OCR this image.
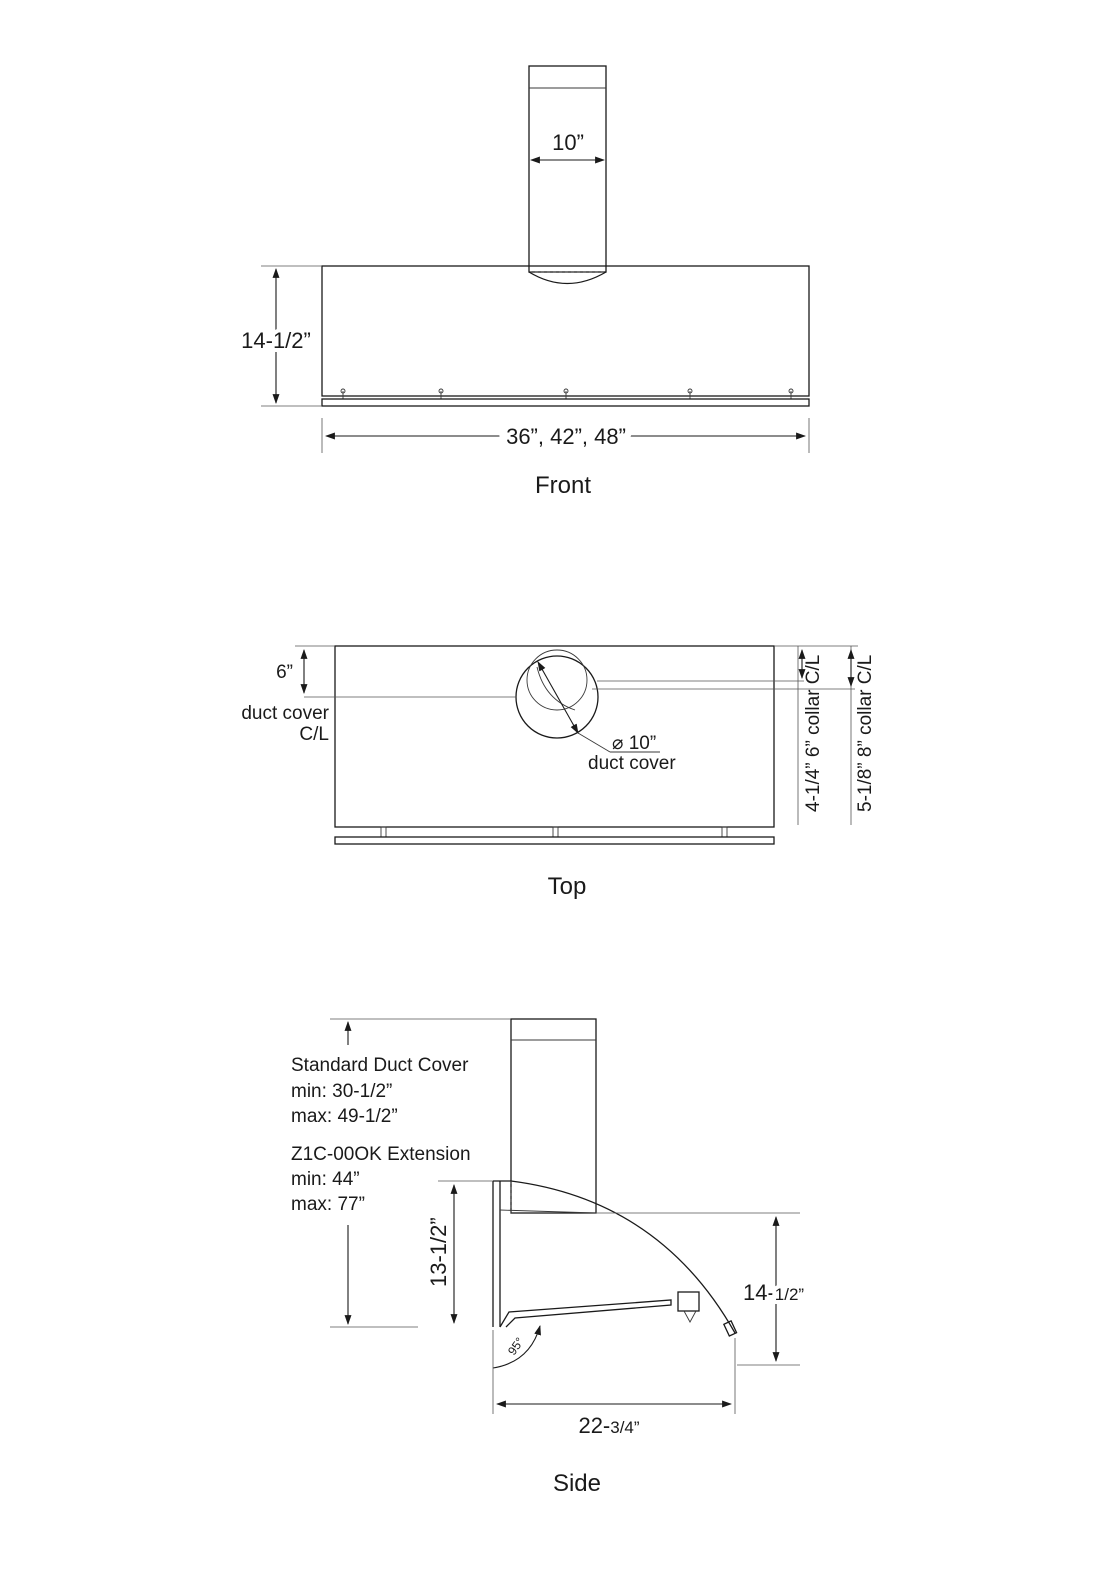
10”
14-1/2”
36”, 42”, 48”
Front
⌀ 10”
duct cover
6”
duct cover
C/L	4-1/4” 6” collar C/L 5-1/8” 8” collar C/L
Top
Standard Duct Cover
min: 30-1/2”
max: 49-1/2”
Z1C-00OK Extension
min: 44”
max: 77”
13-1/2”
14-1/2”
95°
22-3/4”
Side
